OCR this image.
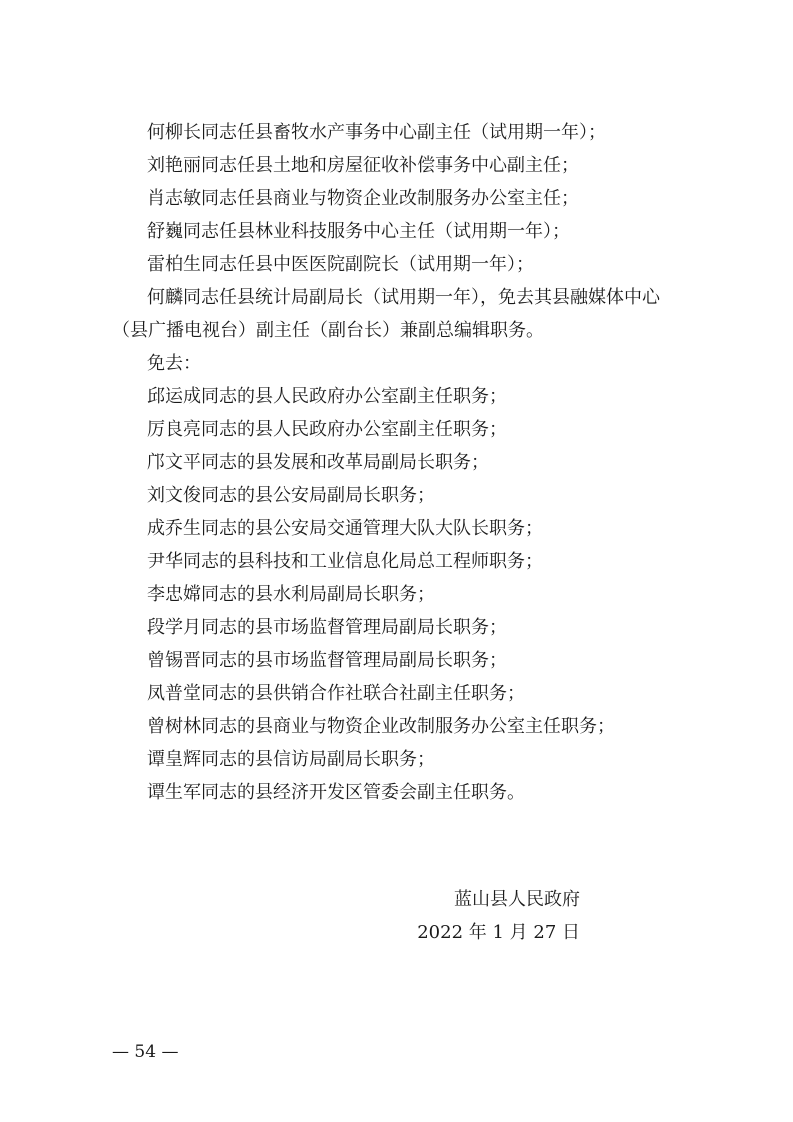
何柳长同志任县畜牧水产事务中心副主任（试用期一年）；
刘艳丽同志任县土地和房屋征收补偿事务中心副主任；
肖志敏同志任县商业与物资企业改制服务办公室主任；
舒巍同志任县林业科技服务中心主任（试用期一年）；
雷柏生同志任县中医医院副院长（试用期一年）；
何麟同志任县统计局副局长（试用期一年），免去其县融媒体中心
（县广播电视台）副主任（副台长）兼副总编辑职务。
免去：
邱运成同志的县人民政府办公室副主任职务；
厉良亮同志的县人民政府办公室副主任职务；
邝文平同志的县发展和改革局副局长职务；
刘文俊同志的县公安局副局长职务；
成乔生同志的县公安局交通管理大队大队长职务；
尹华同志的县科技和工业信息化局总工程师职务；
李忠嫦同志的县水利局副局长职务；
段学月同志的县市场监督管理局副局长职务；
曾锡晋同志的县市场监督管理局副局长职务；
凤普堂同志的县供销合作社联合社副主任职务；
曾树林同志的县商业与物资企业改制服务办公室主任职务；
谭皇辉同志的县信访局副局长职务；
谭生军同志的县经济开发区管委会副主任职务。
蓝山县人民政府
2022 年 1 月 27 日
— 54 —
